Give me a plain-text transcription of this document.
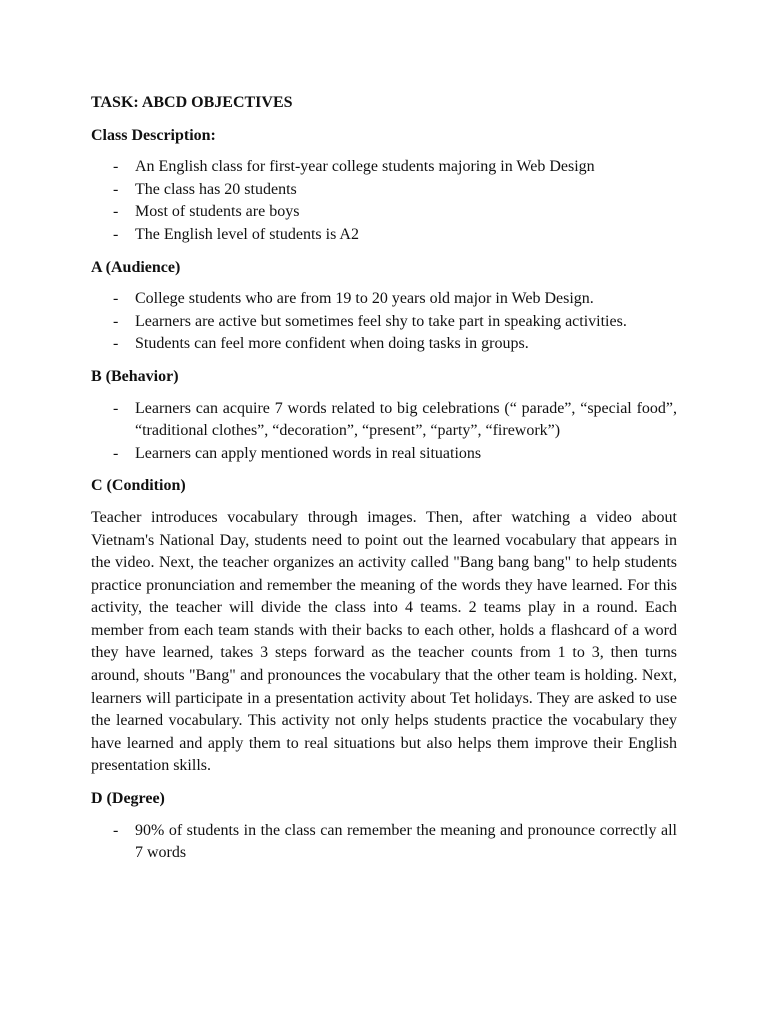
TASK: ABCD OBJECTIVES
Class Description:
- An English class for first-year college students majoring in Web Design
- The class has 20 students
- Most of students are boys
- The English level of students is A2
A (Audience)
- College students who are from 19 to 20 years old major in Web Design.
- Learners are active but sometimes feel shy to take part in speaking activities.
- Students can feel more confident when doing tasks in groups.
B (Behavior)
- Learners can acquire 7 words related to big celebrations (“ parade”, “special food”, “traditional clothes”, “decoration”, “present”, “party”, “firework”)
- Learners can apply mentioned words in real situations
C (Condition)

Teacher introduces vocabulary through images. Then, after watching a video about Vietnam's National Day, students need to point out the learned vocabulary that appears in the video. Next, the teacher organizes an activity called "Bang bang bang" to help students practice pronunciation and remember the meaning of the words they have learned. For this activity, the teacher will divide the class into 4 teams. 2 teams play in a round. Each member from each team stands with their backs to each other, holds a flashcard of a word they have learned, takes 3 steps forward as the teacher counts from 1 to 3, then turns around, shouts "Bang" and pronounces the vocabulary that the other team is holding. Next, learners will participate in a presentation activity about Tet holidays. They are asked to use the learned vocabulary. This activity not only helps students practice the vocabulary they have learned and apply them to real situations but also helps them improve their English presentation skills.

D (Degree)
- 90% of students in the class can remember the meaning and pronounce correctly all 7 words
